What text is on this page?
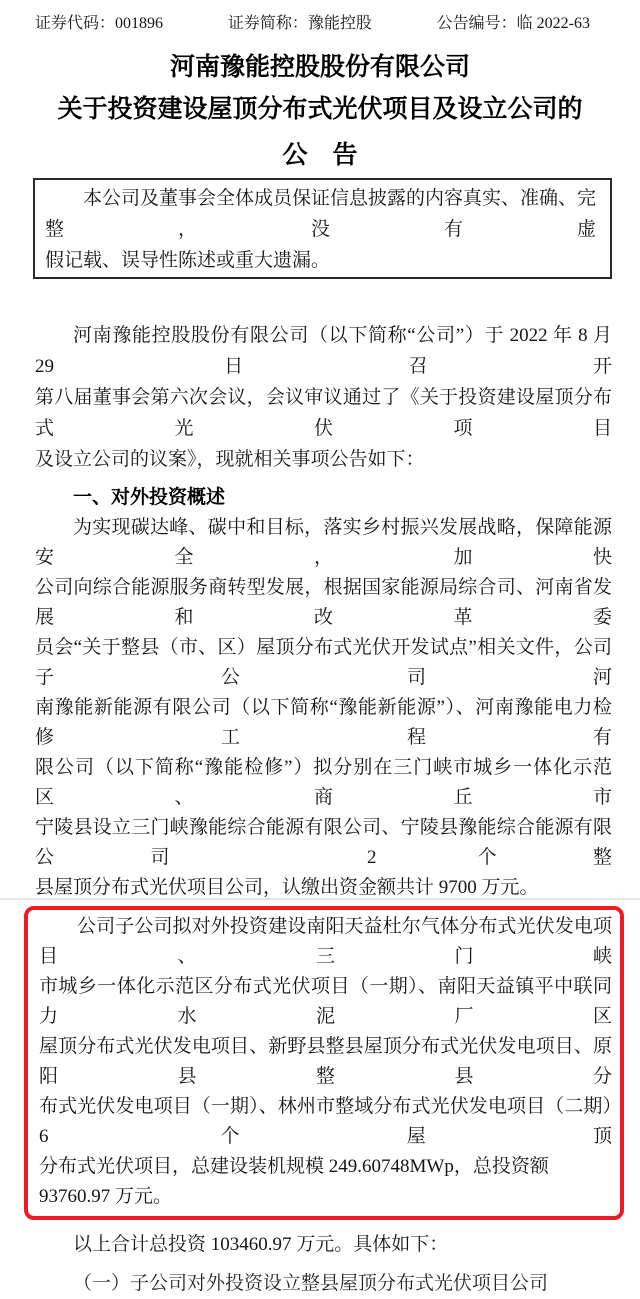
证券代码：001896	证券简称：豫能控股	公告编号：临 2022-63
河南豫能控股股份有限公司
关于投资建设屋顶分布式光伏项目及设立公司的
公　告
本公司及董事会全体成员保证信息披露的内容真实、准确、完整，没有虚
假记载、误导性陈述或重大遗漏。
河南豫能控股股份有限公司（以下简称“公司”）于 2022 年 8 月 29 日召开
第八届董事会第六次会议，会议审议通过了《关于投资建设屋顶分布式光伏项目
及设立公司的议案》，现就相关事项公告如下：
一、对外投资概述
为实现碳达峰、碳中和目标，落实乡村振兴发展战略，保障能源安全，加快
公司向综合能源服务商转型发展，根据国家能源局综合司、河南省发展和改革委
员会“关于整县（市、区）屋顶分布式光伏开发试点”相关文件，公司子公司河
南豫能新能源有限公司（以下简称“豫能新能源”）、河南豫能电力检修工程有
限公司（以下简称“豫能检修”）拟分别在三门峡市城乡一体化示范区、商丘市
宁陵县设立三门峡豫能综合能源有限公司、宁陵县豫能综合能源有限公司 2 个整
县屋顶分布式光伏项目公司，认缴出资金额共计 9700 万元。
公司子公司拟对外投资建设南阳天益杜尔气体分布式光伏发电项目、三门峡
市城乡一体化示范区分布式光伏项目（一期）、南阳天益镇平中联同力水泥厂区
屋顶分布式光伏发电项目、新野县整县屋顶分布式光伏发电项目、原阳县整县分
布式光伏发电项目（一期）、林州市整域分布式光伏发电项目（二期）6 个屋顶
分布式光伏项目，总建设装机规模 249.60748MWp，总投资额 93760.97 万元。
以上合计总投资 103460.97 万元。具体如下：
（一）子公司对外投资设立整县屋顶分布式光伏项目公司
